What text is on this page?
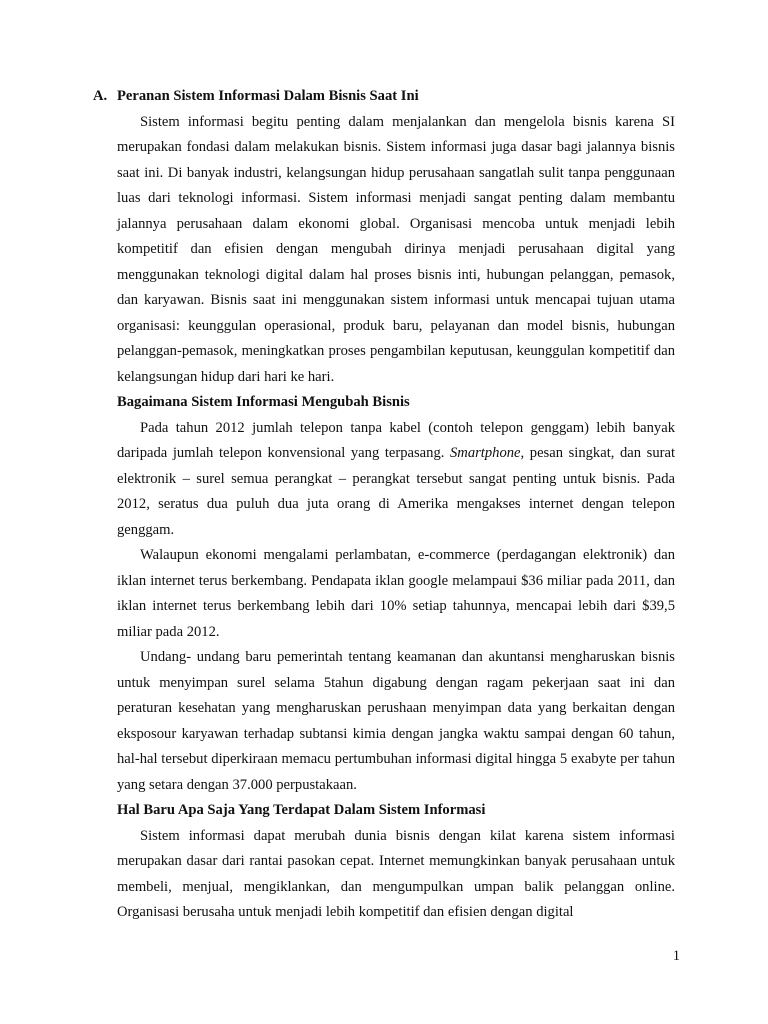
A. Peranan Sistem Informasi Dalam Bisnis Saat Ini

Sistem informasi begitu penting dalam menjalankan dan mengelola bisnis karena SI merupakan fondasi dalam melakukan bisnis. Sistem informasi juga dasar bagi jalannya bisnis saat ini. Di banyak industri, kelangsungan hidup perusahaan sangatlah sulit tanpa penggunaan luas dari teknologi informasi. Sistem informasi menjadi sangat penting dalam membantu jalannya perusahaan dalam ekonomi global. Organisasi mencoba untuk menjadi lebih kompetitif dan efisien dengan mengubah dirinya menjadi perusahaan digital yang menggunakan teknologi digital dalam hal proses bisnis inti, hubungan pelanggan, pemasok, dan karyawan. Bisnis saat ini menggunakan sistem informasi untuk mencapai tujuan utama organisasi: keunggulan operasional, produk baru, pelayanan dan model bisnis, hubungan pelanggan-pemasok, meningkatkan proses pengambilan keputusan, keunggulan kompetitif dan kelangsungan hidup dari hari ke hari.

Bagaimana Sistem Informasi Mengubah Bisnis

Pada tahun 2012 jumlah telepon tanpa kabel (contoh telepon genggam) lebih banyak daripada jumlah telepon konvensional yang terpasang. Smartphone, pesan singkat, dan surat elektronik – surel semua perangkat – perangkat tersebut sangat penting untuk bisnis. Pada 2012, seratus dua puluh dua juta orang di Amerika mengakses internet dengan telepon genggam.

Walaupun ekonomi mengalami perlambatan, e-commerce (perdagangan elektronik) dan iklan internet terus berkembang. Pendapata iklan google melampaui $36 miliar pada 2011, dan iklan internet terus berkembang lebih dari 10% setiap tahunnya, mencapai lebih dari $39,5 miliar pada 2012.

Undang- undang baru pemerintah tentang keamanan dan akuntansi mengharuskan bisnis untuk menyimpan surel selama 5tahun digabung dengan ragam pekerjaan saat ini dan peraturan kesehatan yang mengharuskan perushaan menyimpan data yang berkaitan dengan eksposour karyawan terhadap subtansi kimia dengan jangka waktu sampai dengan 60 tahun, hal-hal tersebut diperkiraan memacu pertumbuhan informasi digital hingga 5 exabyte per tahun yang setara dengan 37.000 perpustakaan.

Hal Baru Apa Saja Yang Terdapat Dalam Sistem Informasi

Sistem informasi dapat merubah dunia bisnis dengan kilat karena sistem informasi merupakan dasar dari rantai pasokan cepat. Internet memungkinkan banyak perusahaan untuk membeli, menjual, mengiklankan, dan mengumpulkan umpan balik pelanggan online. Organisasi berusaha untuk menjadi lebih kompetitif dan efisien dengan digital

1
